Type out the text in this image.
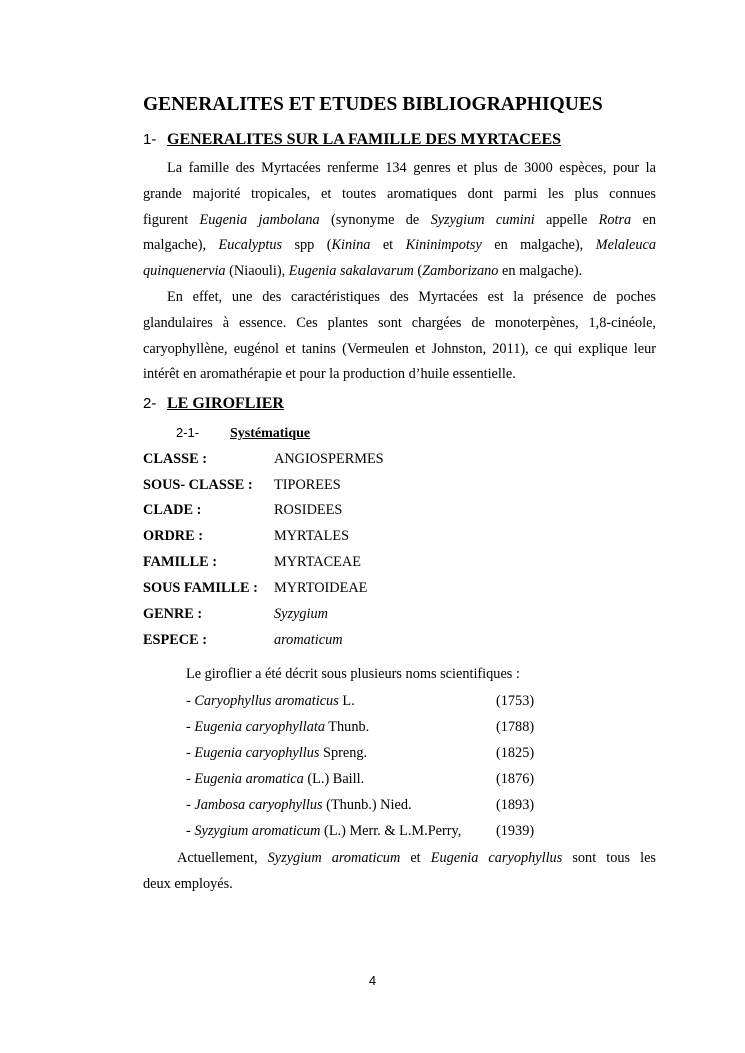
GENERALITES ET ETUDES BIBLIOGRAPHIQUES
1- GENERALITES SUR LA FAMILLE DES MYRTACEES
La famille des Myrtacées renferme 134 genres et plus de 3000 espèces, pour la
grande majorité tropicales, et toutes aromatiques dont parmi les plus connues
figurent Eugenia jambolana (synonyme de Syzygium cumini appelle Rotra en
malgache), Eucalyptus spp (Kinina et Kininimpotsy en malgache), Melaleuca
quinquenervia (Niaouli), Eugenia sakalavarum (Zamborizano en malgache).
En effet, une des caractéristiques des Myrtacées est la présence de poches
glandulaires à essence. Ces plantes sont chargées de monoterpènes, 1,8-cinéole,
caryophyllène, eugénol et tanins (Vermeulen et Johnston, 2011), ce qui explique leur
intérêt en aromathérapie et pour la production d’huile essentielle.
2- LE GIROFLIER
2-1- Systématique
CLASSE :	ANGIOSPERMES
SOUS- CLASSE : TIPOREES
CLADE :	ROSIDEES
ORDRE :	MYRTALES
FAMILLE :	MYRTACEAE
SOUS FAMILLE : MYRTOIDEAE
GENRE :	Syzygium
ESPECE :	aromaticum
Le giroflier a été décrit sous plusieurs noms scientifiques :
- Caryophyllus aromaticus L.	(1753)
- Eugenia caryophyllata Thunb.	(1788)
- Eugenia caryophyllus Spreng.	(1825)
- Eugenia aromatica (L.) Baill.	(1876)
- Jambosa caryophyllus (Thunb.) Nied.	(1893)
- Syzygium aromaticum (L.) Merr. & L.M.Perry, (1939)
Actuellement, Syzygium aromaticum et Eugenia caryophyllus sont tous les
deux employés.
4
